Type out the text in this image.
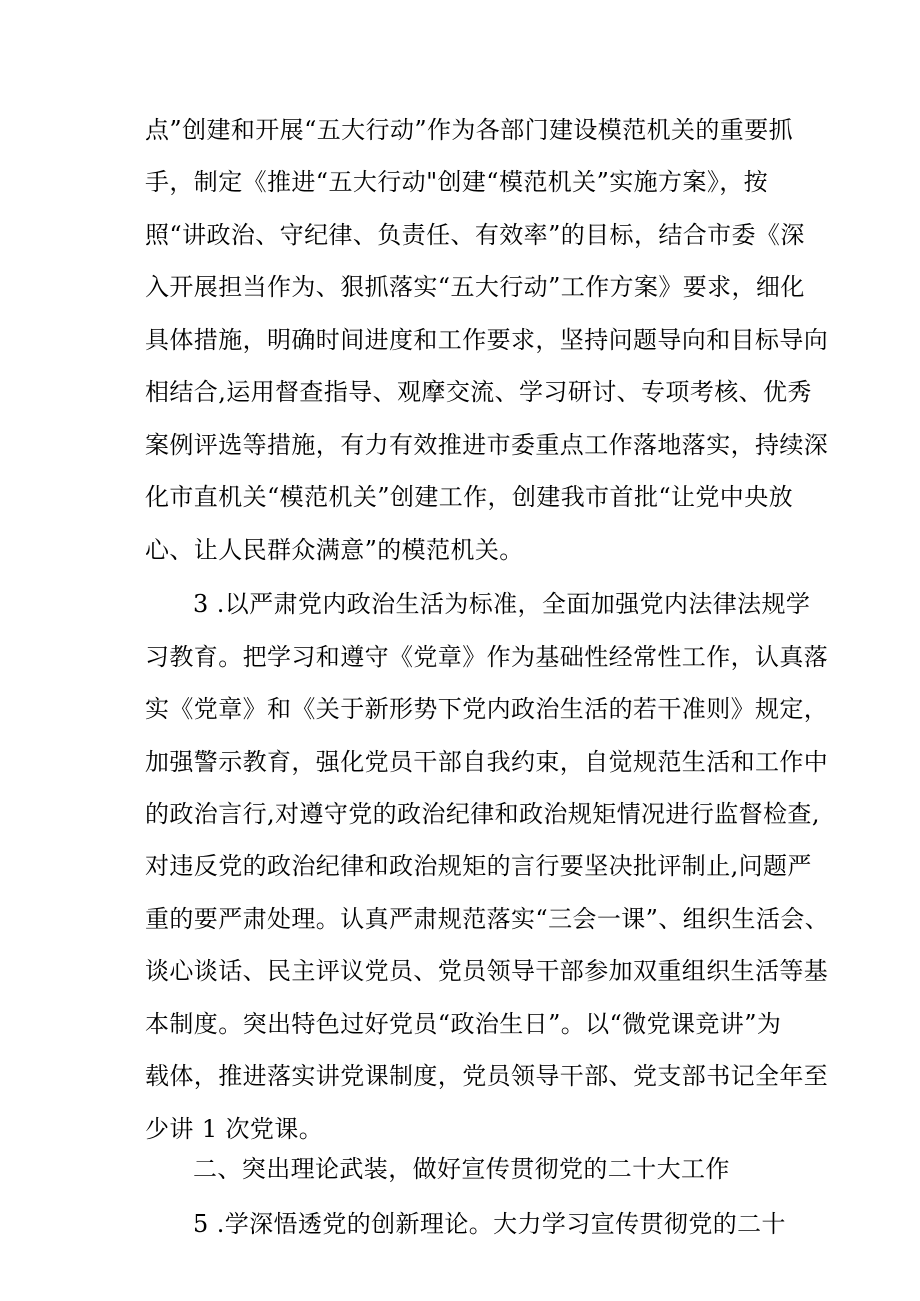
点”创建和开展“五大行动”作为各部门建设模范机关的重要抓
手，制定《推进“五大行动"创建“模范机关”实施方案》，按
照“讲政治、守纪律、负责任、有效率”的目标，结合市委《深
入开展担当作为、狠抓落实“五大行动”工作方案》要求，细化
具体措施，明确时间进度和工作要求，坚持问题导向和目标导向
相结合,运用督查指导、观摩交流、学习研讨、专项考核、优秀
案例评选等措施，有力有效推进市委重点工作落地落实，持续深
化市直机关“模范机关”创建工作，创建我市首批“让党中央放
心、让人民群众满意”的模范机关。
3 .以严肃党内政治生活为标准，全面加强党内法律法规学
习教育。把学习和遵守《党章》作为基础性经常性工作，认真落
实《党章》和《关于新形势下党内政治生活的若干准则》规定，
加强警示教育，强化党员干部自我约束，自觉规范生活和工作中
的政治言行,对遵守党的政治纪律和政治规矩情况进行监督检查,
对违反党的政治纪律和政治规矩的言行要坚决批评制止,问题严
重的要严肃处理。认真严肃规范落实“三会一课”、组织生活会、
谈心谈话、民主评议党员、党员领导干部参加双重组织生活等基
本制度。突出特色过好党员“政治生日”。以“微党课竞讲”为
载体，推进落实讲党课制度，党员领导干部、党支部书记全年至
少讲 1 次党课。
二、突出理论武装，做好宣传贯彻党的二十大工作
5 .学深悟透党的创新理论。大力学习宣传贯彻党的二十
